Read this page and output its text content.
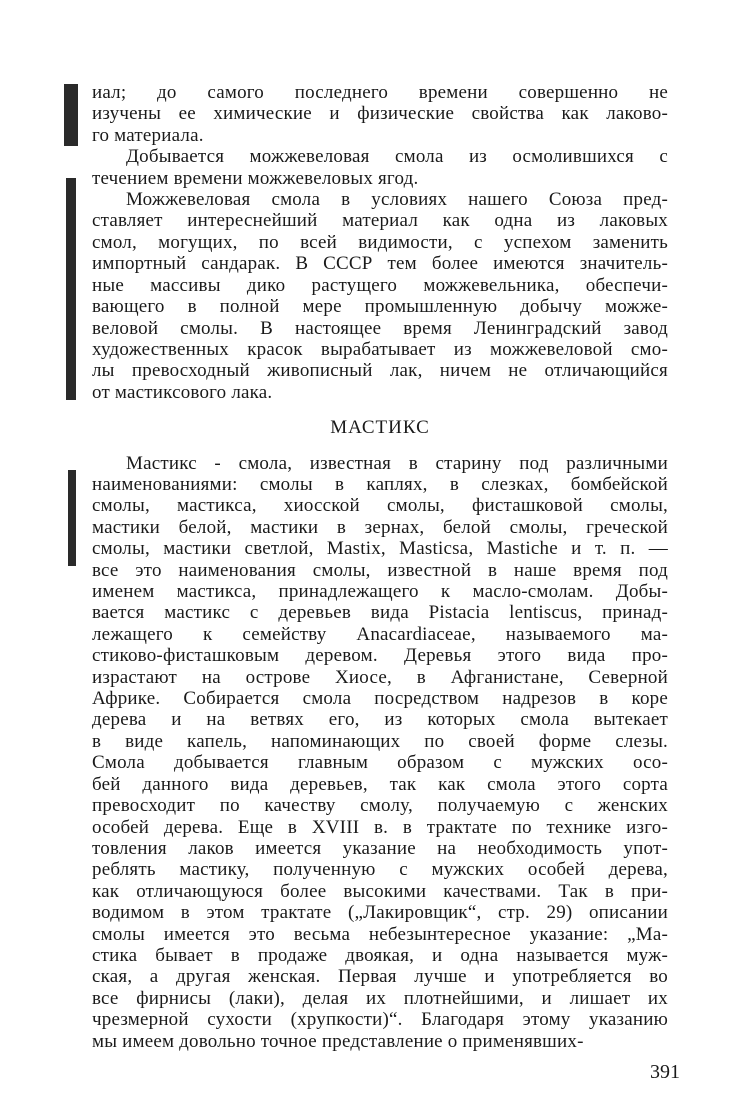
иал; до самого последнего времени совершенно не
изучены ее химические и физические свойства как лаково-
го материала.
Добывается можжевеловая смола из осмолившихся с
течением времени можжевеловых ягод.
Можжевеловая смола в условиях нашего Союза пред-
ставляет интереснейший материал как одна из лаковых
смол, могущих, по всей видимости, с успехом заменить
импортный сандарак. В СССР тем более имеются значитель-
ные массивы дико растущего можжевельника, обеспечи-
вающего в полной мере промышленную добычу можже-
веловой смолы. В настоящее время Ленинградский завод
художественных красок вырабатывает из можжевеловой смо-
лы превосходный живописный лак, ничем не отличающийся
от мастиксового лака.
МАСТИКС
Мастикс - смола, известная в старину под различными
наименованиями: смолы в каплях, в слезках, бомбейской
смолы, мастикса, хиосской смолы, фисташковой смолы,
мастики белой, мастики в зернах, белой смолы, греческой
смолы, мастики светлой, Mastix, Masticsa, Mastiche и т. п. —
все это наименования смолы, известной в наше время под
именем мастикса, принадлежащего к масло-смолам. Добы-
вается мастикс с деревьев вида Pistacia lentiscus, принад-
лежащего к семейству Anacardiaceae, называемого ма-
стиково-фисташковым деревом. Деревья этого вида про-
израстают на острове Хиосе, в Афганистане, Северной
Африке. Собирается смола посредством надрезов в коре
дерева и на ветвях его, из которых смола вытекает
в виде капель, напоминающих по своей форме слезы.
Смола добывается главным образом с мужских осо-
бей данного вида деревьев, так как смола этого сорта
превосходит по качеству смолу, получаемую с женских
особей дерева. Еще в XVIII в. в трактате по технике изго-
товления лаков имеется указание на необходимость упот-
реблять мастику, полученную с мужских особей дерева,
как отличающуюся более высокими качествами. Так в при-
водимом в этом трактате („Лакировщик“, стр. 29) описании
смолы имеется это весьма небезынтересное указание: „Ма-
стика бывает в продаже двоякая, и одна называется муж-
391
ская, а другая женская. Первая лучше и употребляется во
все фирнисы (лаки), делая их плотнейшими, и лишает их
чрезмерной сухости (хрупкости)“. Благодаря этому указанию
мы имеем довольно точное представление о применявших-
